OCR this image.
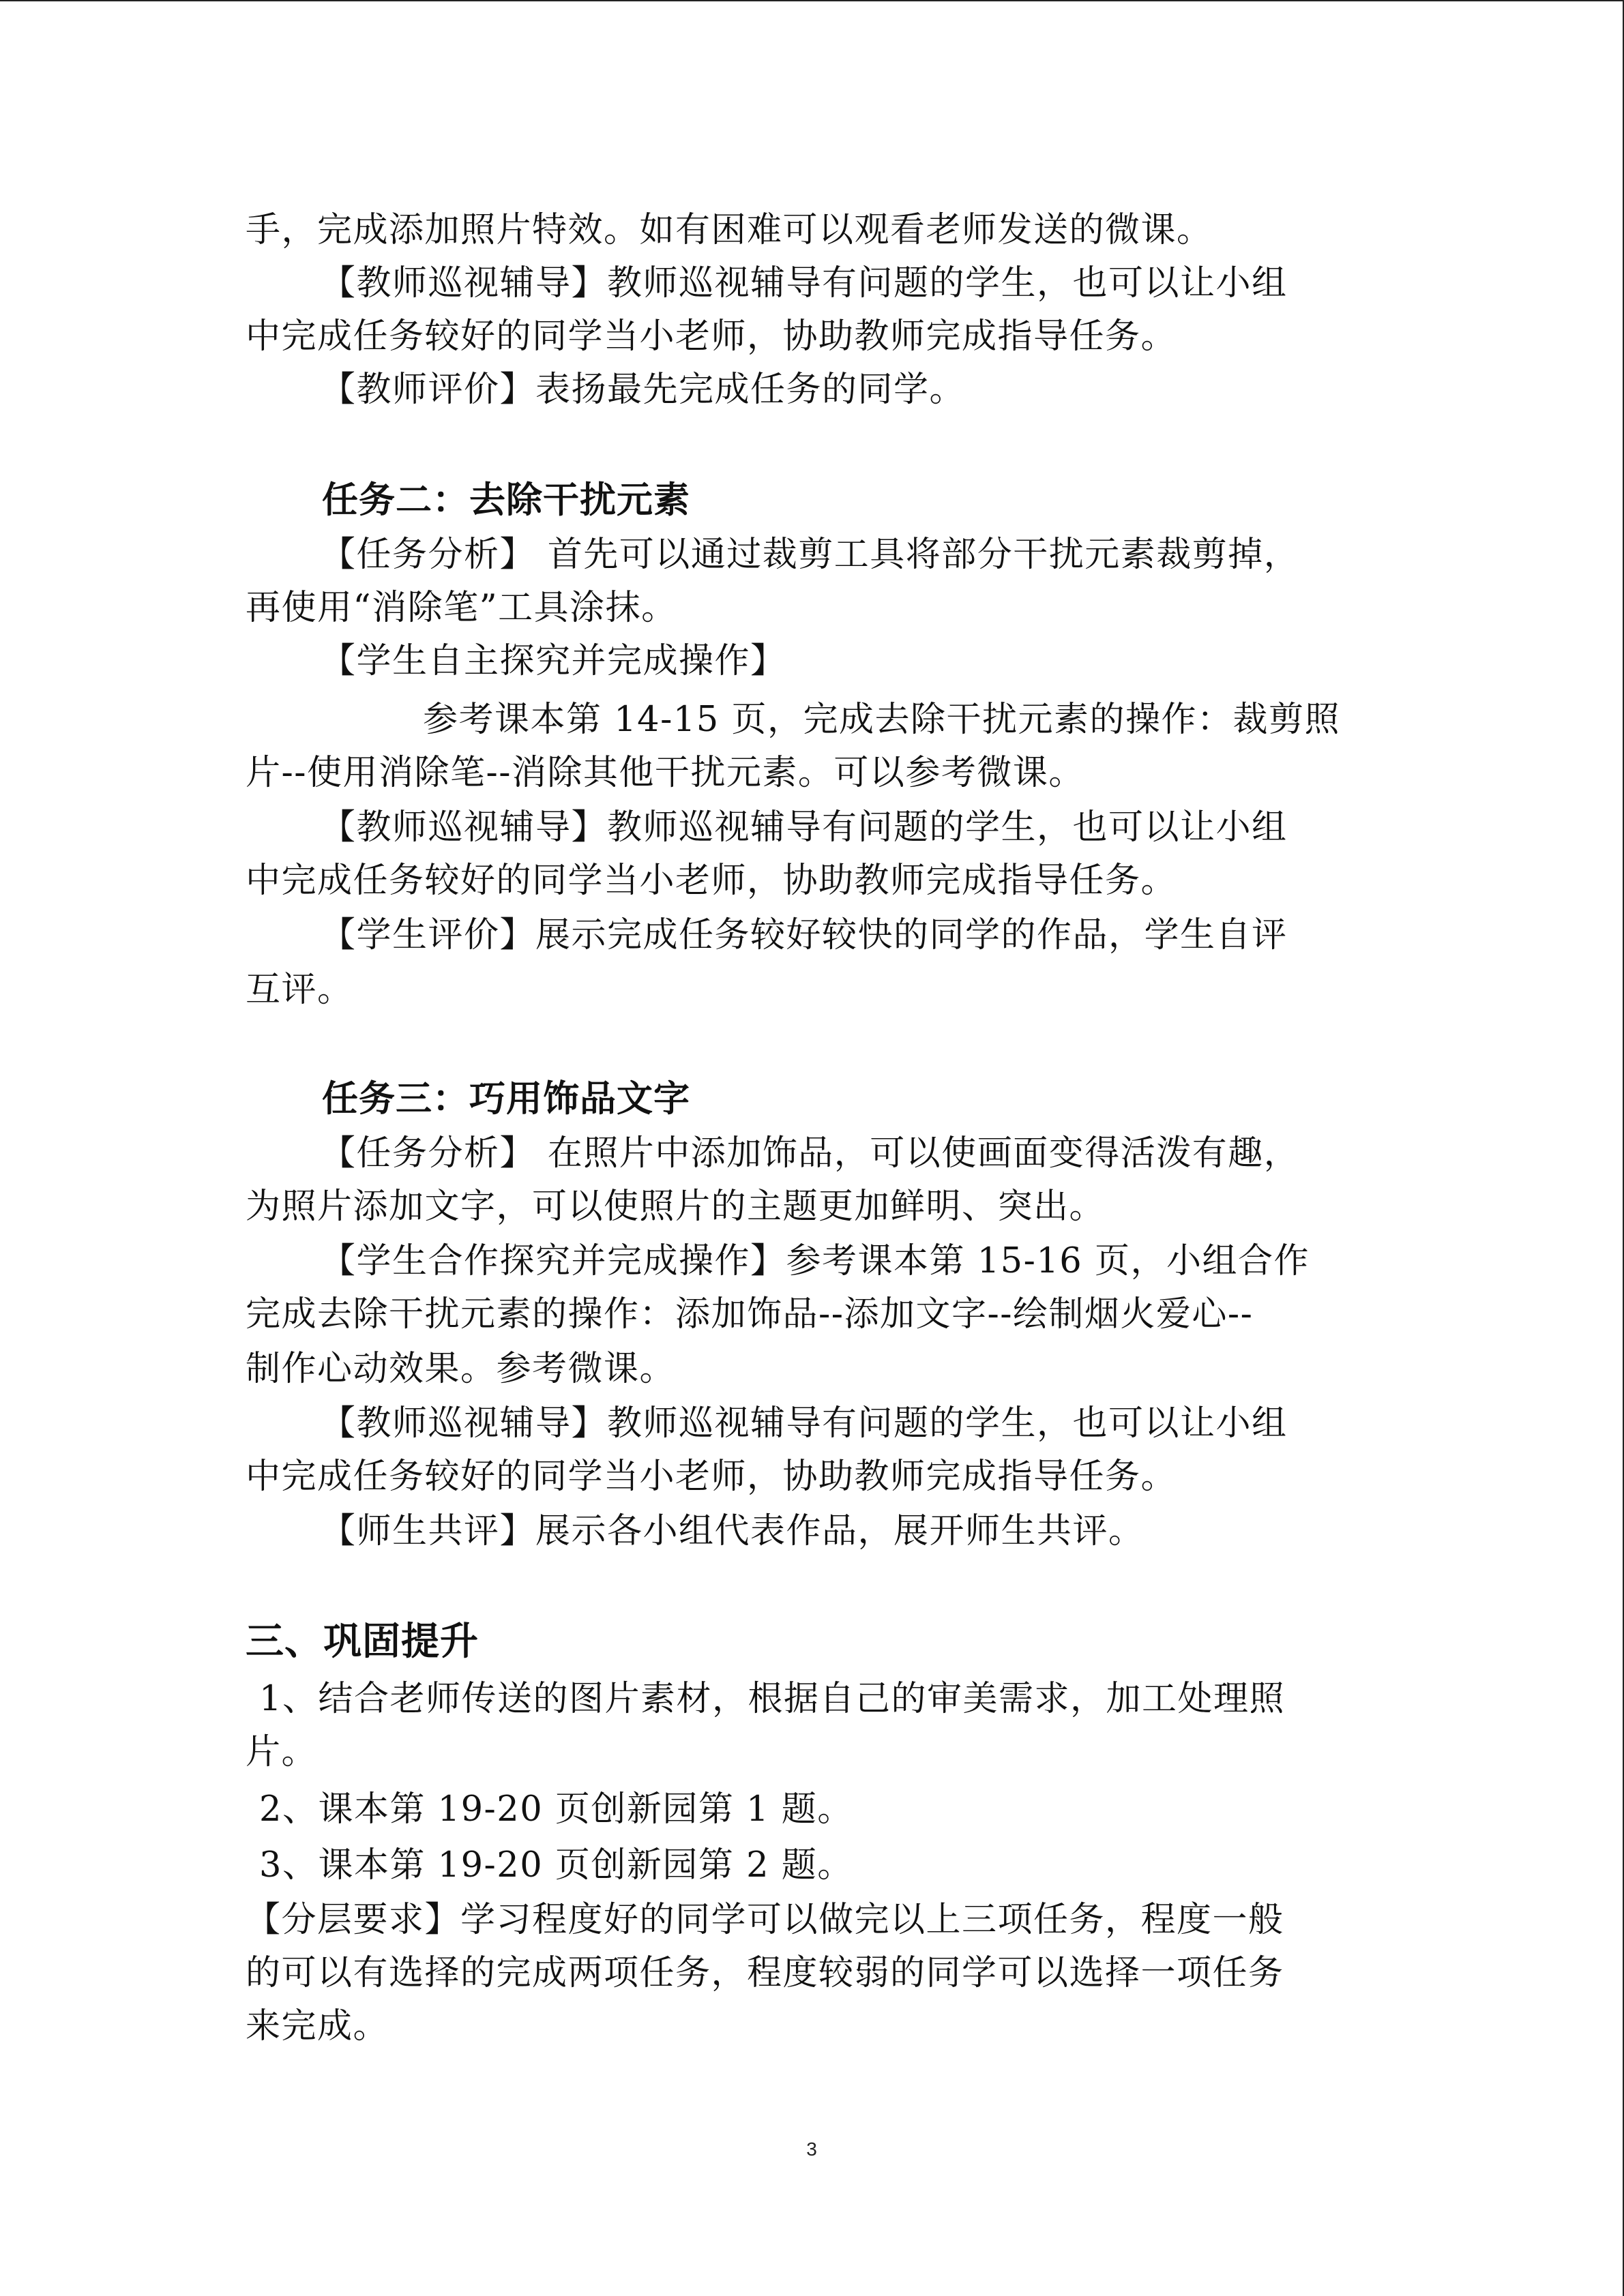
手，完成添加照片特效。如有困难可以观看老师发送的微课。
【教师巡视辅导】教师巡视辅导有问题的学生，也可以让小组
中完成任务较好的同学当小老师，协助教师完成指导任务。
【教师评价】表扬最先完成任务的同学。
任务二：去除干扰元素
【任务分析】 首先可以通过裁剪工具将部分干扰元素裁剪掉，
再使用“消除笔”工具涂抹。
【学生自主探究并完成操作】
参考课本第 14-15 页，完成去除干扰元素的操作：裁剪照
片--使用消除笔--消除其他干扰元素。可以参考微课。
【教师巡视辅导】教师巡视辅导有问题的学生，也可以让小组
中完成任务较好的同学当小老师，协助教师完成指导任务。
【学生评价】展示完成任务较好较快的同学的作品，学生自评
互评。
任务三：巧用饰品文字
【任务分析】 在照片中添加饰品，可以使画面变得活泼有趣，
为照片添加文字，可以使照片的主题更加鲜明、突出。
【学生合作探究并完成操作】参考课本第 15-16 页，小组合作
完成去除干扰元素的操作：添加饰品--添加文字--绘制烟火爱心--
制作心动效果。参考微课。
【教师巡视辅导】教师巡视辅导有问题的学生，也可以让小组
中完成任务较好的同学当小老师，协助教师完成指导任务。
【师生共评】展示各小组代表作品，展开师生共评。
三、巩固提升
1、结合老师传送的图片素材，根据自己的审美需求，加工处理照
片。
2、课本第 19-20 页创新园第 1 题。
3、课本第 19-20 页创新园第 2 题。
【分层要求】学习程度好的同学可以做完以上三项任务，程度一般
的可以有选择的完成两项任务，程度较弱的同学可以选择一项任务
来完成。
3
